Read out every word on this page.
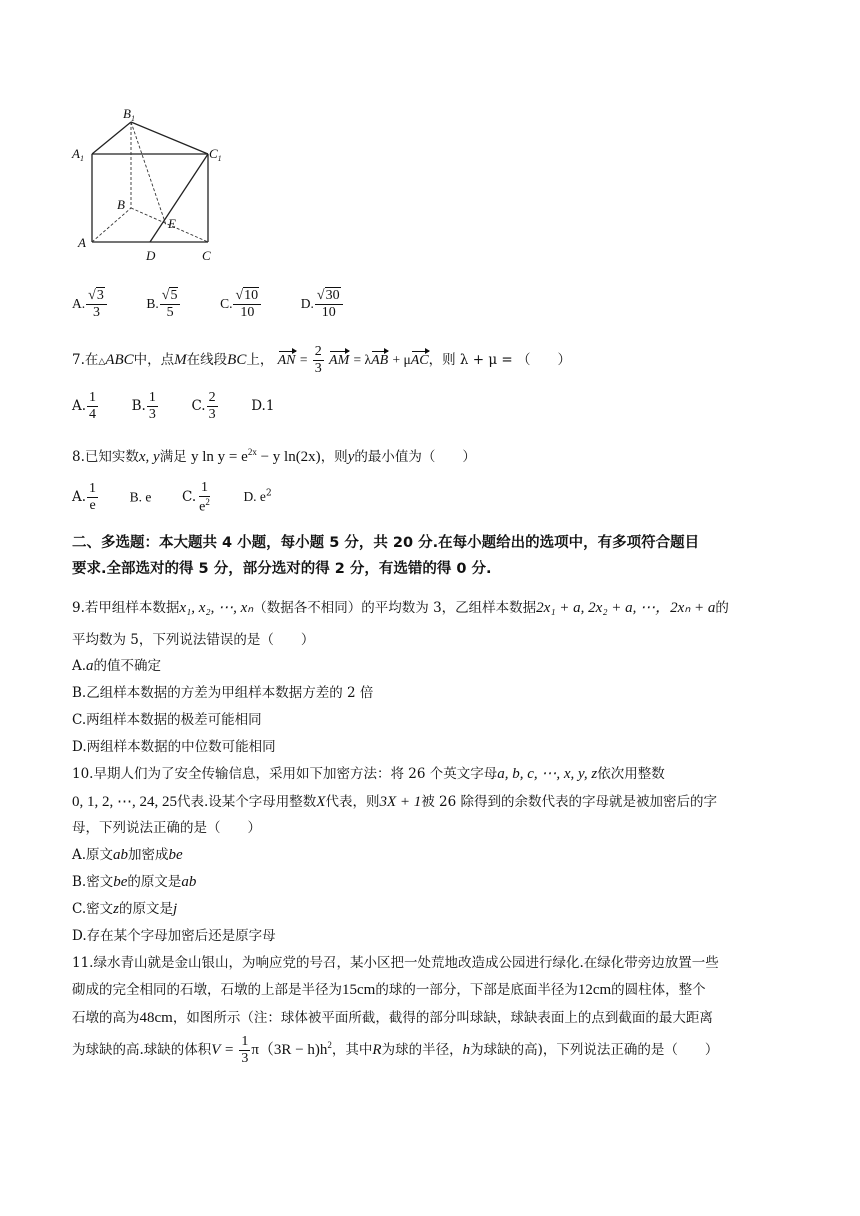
$B_1$
$A_1$	$C_1$
B
E
A
D	C
A. $\frac{√3}{3}$	B. $\frac{√5}{5}$	C. $\frac{√10}{10}$	D. $\frac{√30}{10}$
7.在△ABC中，点M在线段BC上， AN = $\frac{2}{3}$ AM = λAB + μAC，则 λ + μ = （　　）
A. $\frac{1}{4} B$. $\frac{1}{3} C$. $\frac{2}{3} D.1$
8.已知实数x, y满足 y $\ln y = e^{2x} - y$ ln(2x)，则y的最小值为（　　）
A. $\frac{1}{e} B$. e C. $\frac{1}{e^2} D$. $e^2$
二、多选题：本大题共 4 小题，每小题 5 分，共 20 分.在每小题给出的选项中，有多项符合题目
要求.全部选对的得 5 分，部分选对的得 2 分，有选错的得 0 分.
9.若甲组样本数据x₁, x₂, ⋯, xₙ（数据各不相同）的平均数为 3，乙组样本数据2x₁ + a, 2x₂ + a, ⋯，2xₙ + a的
平均数为 5，下列说法错误的是（　　）
A.a的值不确定
B.乙组样本数据的方差为甲组样本数据方差的 2 倍
C.两组样本数据的极差可能相同
D.两组样本数据的中位数可能相同
10.早期人们为了安全传输信息，采用如下加密方法：将 26 个英文字母a, b, c, ⋯, x, y, z依次用整数
0, 1, 2, ⋯, 24, 25代表.设某个字母用整数X代表，则3X + 1被 26 除得到的余数代表的字母就是被加密后的字
母，下列说法正确的是（　　）
A.原文ab加密成be
B.密文be的原文是ab
C.密文z的原文是j
D.存在某个字母加密后还是原字母
11.绿水青山就是金山银山，为响应党的号召，某小区把一处荒地改造成公园进行绿化.在绿化带旁边放置一些
砌成的完全相同的石墩，石墩的上部是半径为15cm的球的一部分，下部是底面半径为12cm的圆柱体，整个
石墩的高为48cm，如图所示（注：球体被平面所截，截得的部分叫球缺，球缺表面上的点到截面的最大距离
为球缺的高.球缺的体积$V = \frac{1}{3} \pi(3R - h)h^2$，其中R为球的半径，h为球缺的高)，下列说法正确的是（　　）
